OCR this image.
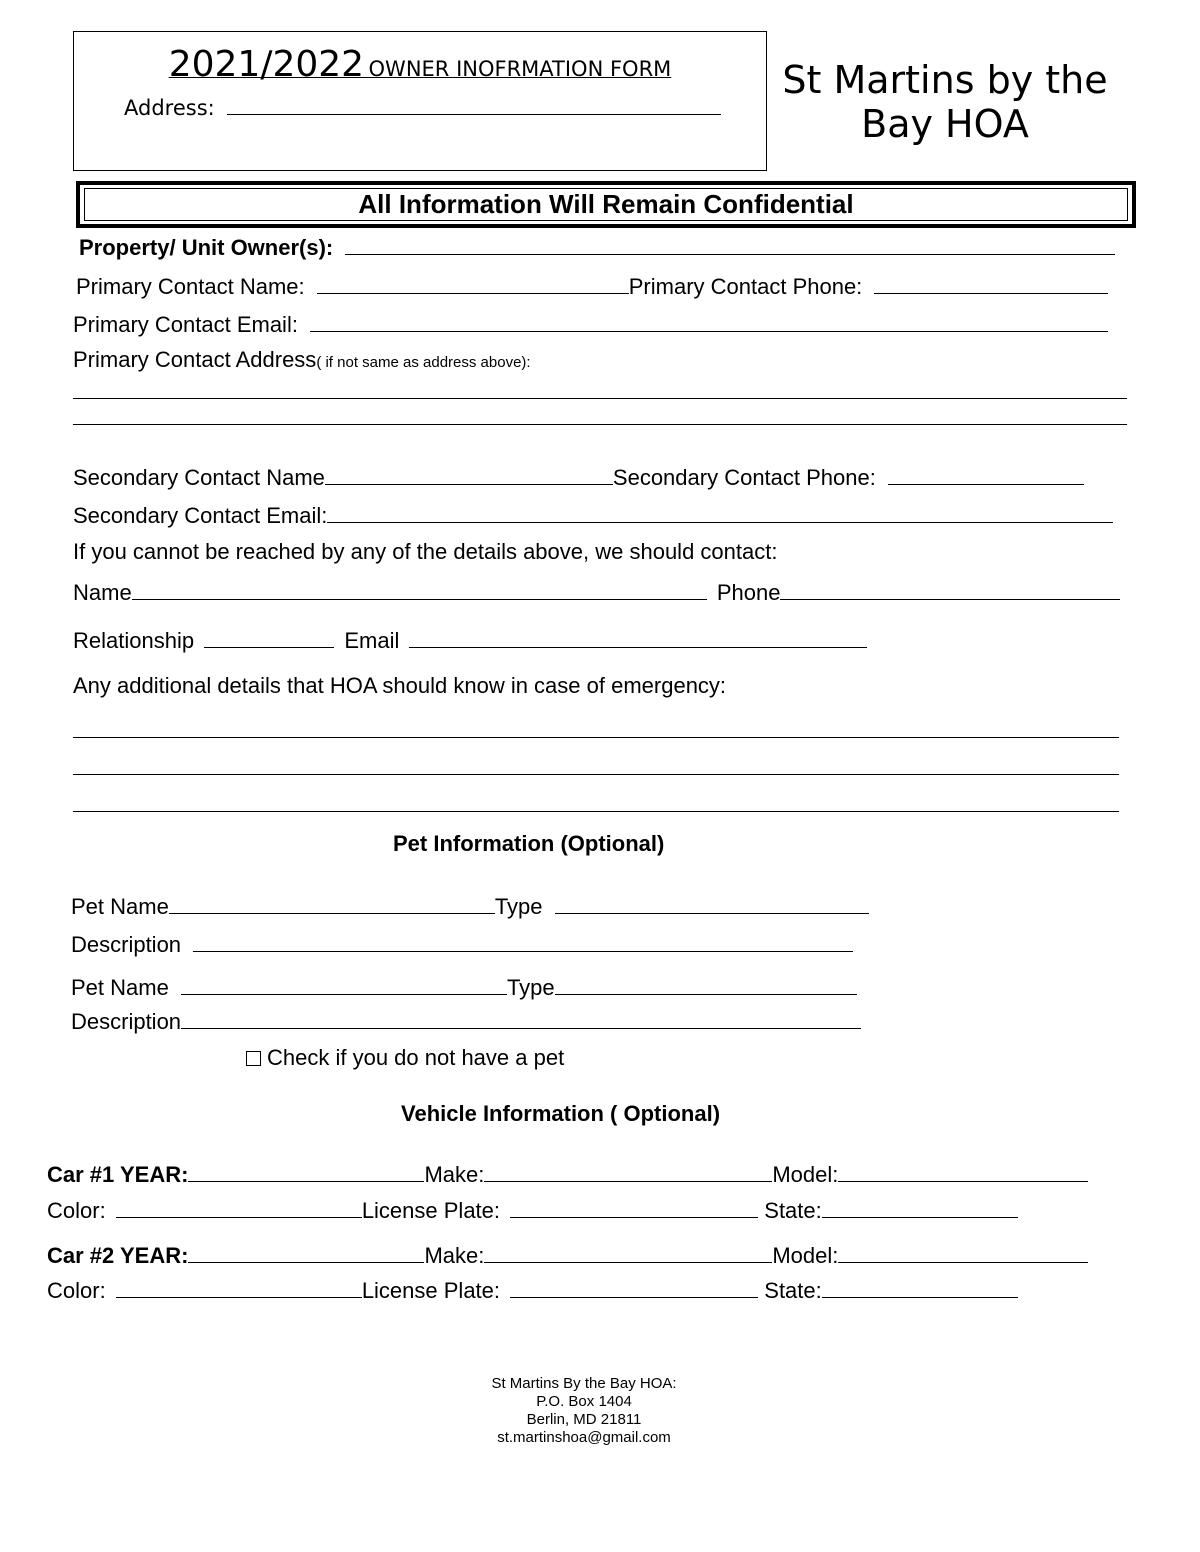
2021/2022 OWNER INOFRMATION FORM
Address:
St Martins by the
Bay HOA
All Information Will Remain Confidential
Property/ Unit Owner(s):
Primary Contact Name:	Primary Contact Phone:
Primary Contact Email:
Primary Contact Address( if not same as address above):
Secondary Contact Name	Secondary Contact Phone:
Secondary Contact Email:
If you cannot be reached by any of the details above, we should contact:
Name	Phone
Relationship	Email
Any additional details that HOA should know in case of emergency:
Pet Information (Optional)
Pet Name	Type
Description
Pet Name	Type
Description
Check if you do not have a pet
Vehicle Information ( Optional)
Car #1 YEAR:	Make:	Model:
Color:	License Plate:	State:
Car #2 YEAR:	Make:	Model:
Color:	License Plate:	State:
St Martins By the Bay HOA:
P.O. Box 1404
Berlin, MD 21811
st.martinshoa@gmail.com
